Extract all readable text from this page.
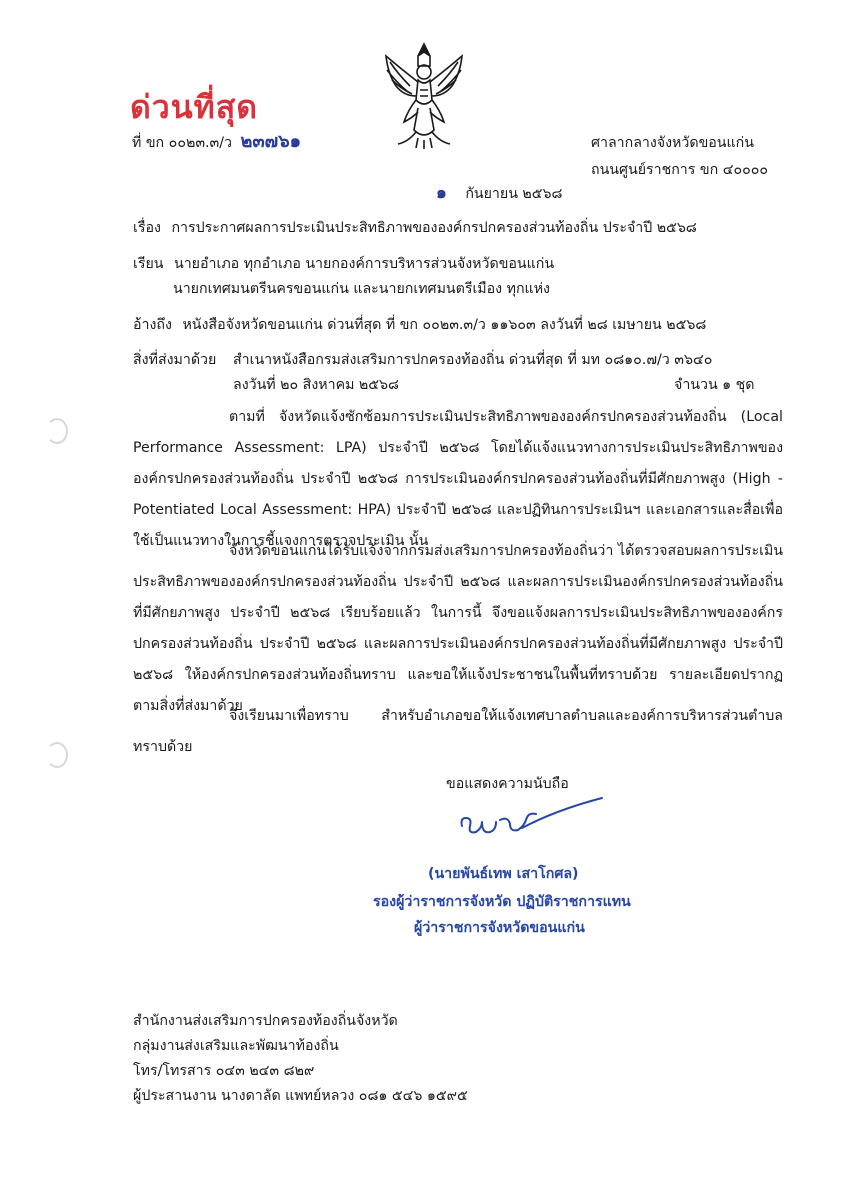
ด่วนที่สุด
ที่ ขก ๐๐๒๓.๓/ว ๒๓๗๖๑	ศาลากลางจังหวัดขอนแก่น
ถนนศูนย์ราชการ ขก ๔๐๐๐๐
๑ กันยายน ๒๕๖๘
เรื่อง การประกาศผลการประเมินประสิทธิภาพขององค์กรปกครองส่วนท้องถิ่น ประจำปี ๒๕๖๘
เรียน นายอำเภอ ทุกอำเภอ นายกองค์การบริหารส่วนจังหวัดขอนแก่น
นายกเทศมนตรีนครขอนแก่น และนายกเทศมนตรีเมือง ทุกแห่ง
อ้างถึง หนังสือจังหวัดขอนแก่น ด่วนที่สุด ที่ ขก ๐๐๒๓.๓/ว ๑๑๖๐๓ ลงวันที่ ๒๘ เมษายน ๒๕๖๘
สิ่งที่ส่งมาด้วย สำเนาหนังสือกรมส่งเสริมการปกครองท้องถิ่น ด่วนที่สุด ที่ มท ๐๘๑๐.๗/ว ๓๖๔๐
ลงวันที่ ๒๐ สิงหาคม ๒๕๖๘	จำนวน ๑ ชุด
ตามที่ จังหวัดแจ้งซักซ้อมการประเมินประสิทธิภาพขององค์กรปกครองส่วนท้องถิ่น (Local Performance Assessment: LPA) ประจำปี ๒๕๖๘ โดยได้แจ้งแนวทางการประเมินประสิทธิภาพขององค์กรปกครองส่วนท้องถิ่น ประจำปี ๒๕๖๘ การประเมินองค์กรปกครองส่วนท้องถิ่นที่มีศักยภาพสูง (High - Potentiated Local Assessment: HPA) ประจำปี ๒๕๖๘ และปฏิทินการประเมินฯ และเอกสารและสื่อเพื่อใช้เป็นแนวทางในการชี้แจงการตรวจประเมิน นั้น
จังหวัดขอนแก่นได้รับแจ้งจากกรมส่งเสริมการปกครองท้องถิ่นว่า ได้ตรวจสอบผลการประเมินประสิทธิภาพขององค์กรปกครองส่วนท้องถิ่น ประจำปี ๒๕๖๘ และผลการประเมินองค์กรปกครองส่วนท้องถิ่นที่มีศักยภาพสูง ประจำปี ๒๕๖๘ เรียบร้อยแล้ว ในการนี้ จึงขอแจ้งผลการประเมินประสิทธิภาพขององค์กรปกครองส่วนท้องถิ่น ประจำปี ๒๕๖๘ และผลการประเมินองค์กรปกครองส่วนท้องถิ่นที่มีศักยภาพสูง ประจำปี ๒๕๖๘ ให้องค์กรปกครองส่วนท้องถิ่นทราบ และขอให้แจ้งประชาชนในพื้นที่ทราบด้วย รายละเอียดปรากฏตามสิ่งที่ส่งมาด้วย
จึงเรียนมาเพื่อทราบ สำหรับอำเภอขอให้แจ้งเทศบาลตำบลและองค์การบริหารส่วนตำบลทราบด้วย
ขอแสดงความนับถือ
(นายพันธ์เทพ เสาโกศล)
รองผู้ว่าราชการจังหวัด ปฏิบัติราชการแทน
ผู้ว่าราชการจังหวัดขอนแก่น
สำนักงานส่งเสริมการปกครองท้องถิ่นจังหวัด
กลุ่มงานส่งเสริมและพัฒนาท้องถิ่น
โทร/โทรสาร ๐๔๓ ๒๔๓ ๘๒๙
ผู้ประสานงาน นางดาลัด แพทย์หลวง ๐๘๑ ๕๔๖ ๑๕๙๕
